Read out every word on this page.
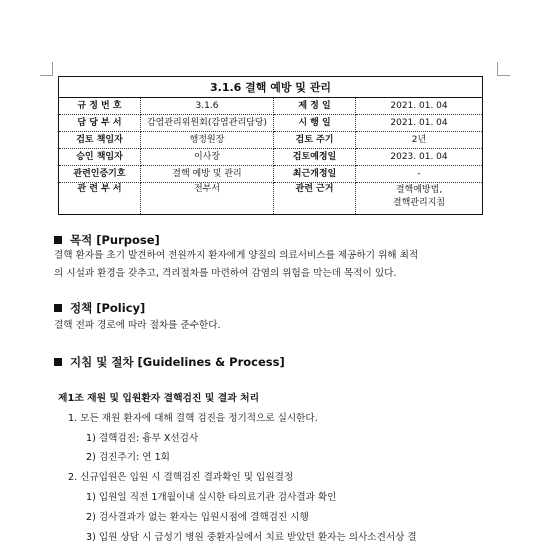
3.1.6 결핵 예방 및 관리			
규 정 번 호	3.1.6	제 정 일	2021. 01. 04
담 당 부 서	감염관리위원회(감염관리담당)	시 행 일	2021. 01. 04
검토 책임자	행정원장	검토 주기	2년
승인 책임자	이사장	검토예정일	2023. 01. 04
관련인증기호	결핵 예방 및 관리	최근개정일	-
관 련 부 서	전부서	관련 근거	결핵예방법,
결핵관리지침
목적 [Purpose]
결핵 환자를 초기 발견하여 전원까지 환자에게 양질의 의료서비스를 제공하기 위해 최적
의 시설과 환경을 갖추고, 격리절차를 마련하여 감염의 위험을 막는데 목적이 있다.
정책 [Policy]
결핵 전파 경로에 따라 절차를 준수한다.
지침 및 절차 [Guidelines & Process]
제1조 재원 및 입원환자 결핵검진 및 결과 처리
1. 모든 재원 환자에 대해 결핵 검진을 정기적으로 실시한다.
1) 결핵검진: 흉부 X선검사
2) 검진주기: 연 1회
2. 신규입원은 입원 시 결핵검진 결과확인 및 입원결정
1) 입원일 직전 1개월이내 실시한 타의료기관 검사결과 확인
2) 검사결과가 없는 환자는 입원시점에 결핵검진 시행
3) 입원 상담 시 급성기 병원 중환자실에서 치료 받았던 환자는 의사소견서상 결
